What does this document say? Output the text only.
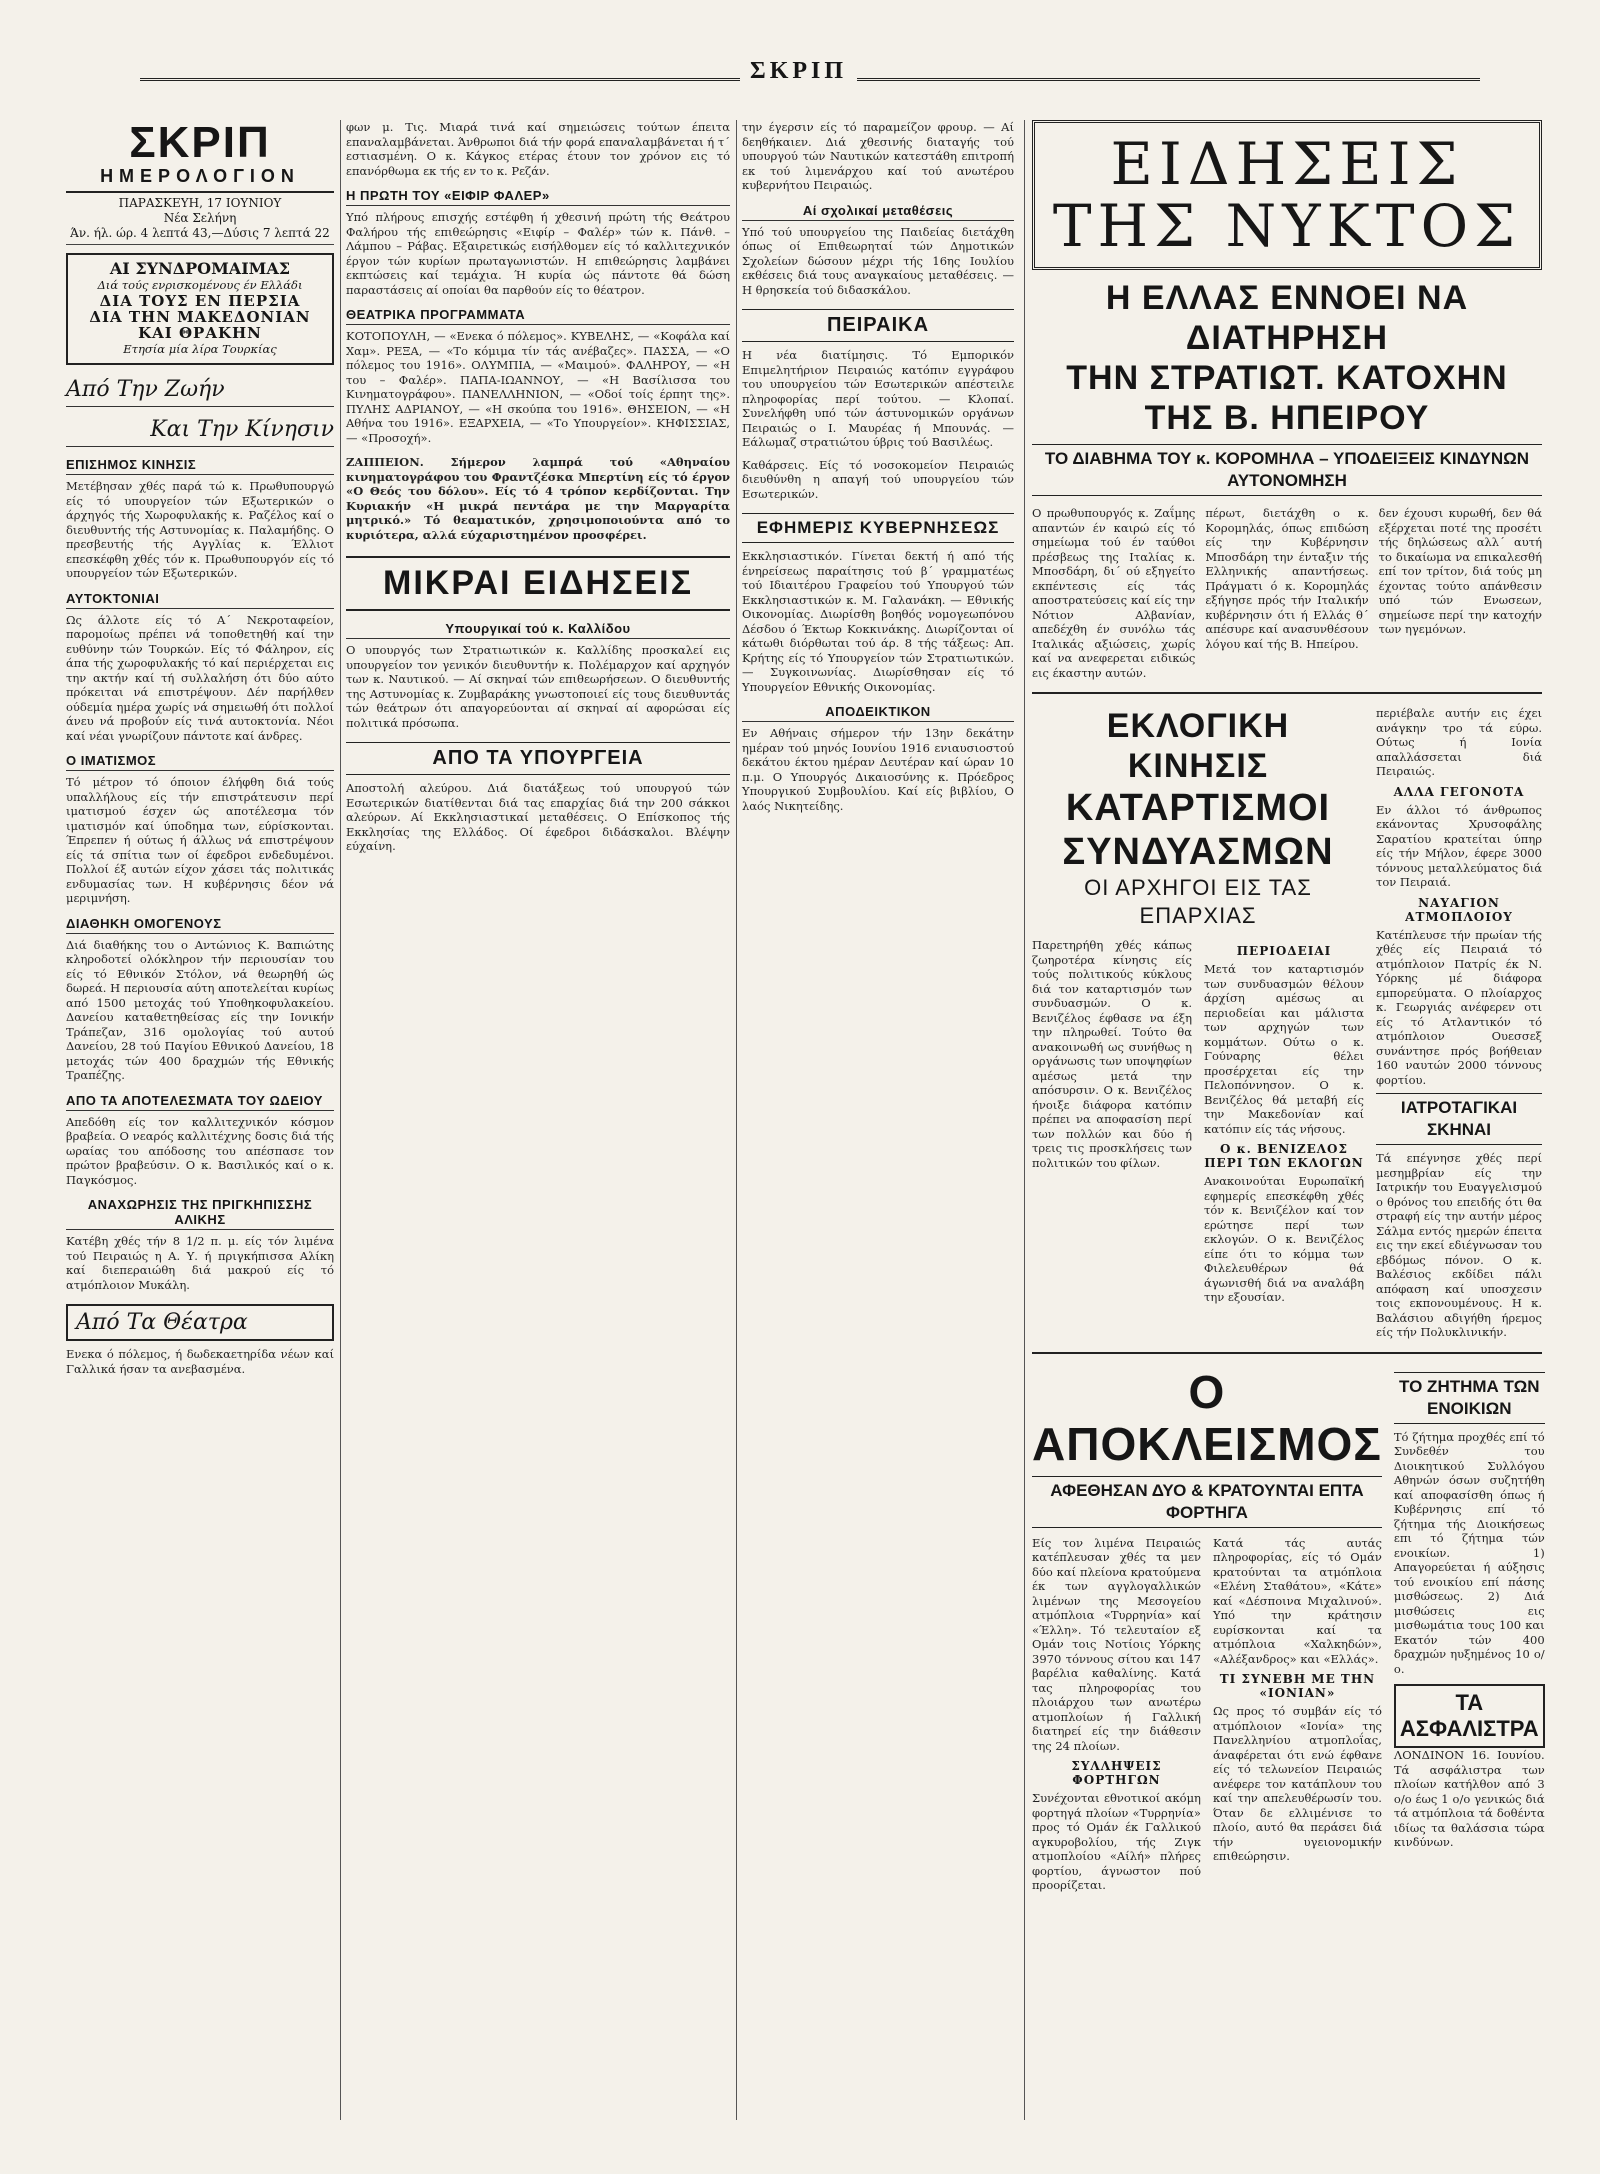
ΣΚΡΙΠ
ΣΚΡΙΠ
ΗΜΕΡΟΛΟΓΙΟΝ
ΠΑΡΑΣΚΕΥΗ, 17 ΙΟΥΝΙΟΥ
Νέα Σελήνη
Άν. ήλ. ώρ. 4 λεπτά 43,—Δύσις 7 λεπτά 22
ΑΙ ΣΥΝΔΡΟΜΑΙΜΑΣ
Διά τούς ενρισκομένους έν Ελλάδι
ΔΙΑ ΤΟΥΣ ΕΝ ΠΕΡΣΙΑ
ΔΙΑ ΤΗΝ ΜΑΚΕΔΟΝΙΑΝ ΚΑΙ ΘΡΑΚΗΝ
Ετησία μία λίρα Τουρκίας
Από Την Ζωήν
Και Την Κίνησιν
ΕΠΙΣΗΜΟΣ ΚΙΝΗΣΙΣ
Μετέβησαν χθές παρά τώ κ. Πρωθυπουργώ είς τό υπουργείον τών Εξωτερικών ο άρχηγός τής Χωροφυλακής κ. Ραζέλος καί ο διευθυντής τής Αστυνομίας κ. Παλαμήδης. Ο πρεσβευτής τής Αγγλίας κ. Έλλιοτ επεσκέφθη χθές τόν κ. Πρωθυπουργόν είς τό υπουργείον τών Εξωτερικών.
ΑΥΤΟΚΤΟΝΙΑΙ
Ως άλλοτε είς τό Α΄ Νεκροταφείον, παρομοίως πρέπει νά τοποθετηθή καί την ευθύνην τών Τουρκών. Είς τό Φάληρον, είς άπα τής χωροφυλακής τό καί περιέρχεται εις την ακτήν καί τή συλλαλήση ότι δύο αύτο πρόκειται νά επιστρέψουν. Δέν παρήλθεν ούδεμία ημέρα χωρίς νά σημειωθή ότι πολλοί άνευ νά προβούν είς τινά αυτοκτονία. Νέοι καί νέαι γνωρίζουν πάντοτε καί άνδρες.
Ο ΙΜΑΤΙΣΜΟΣ
Τό μέτρον τό όποιον έλήφθη διά τούς υπαλλήλους είς τήν επιστράτευσιν περί ιματισμού έσχεν ώς αποτέλεσμα τόν ιματισμόν καί ύποδημα των, εύρίσκονται. Έπρεπεν ή ούτως ή άλλως νά επιστρέψουν είς τά σπίτια των οί έφεδροι ενδεδυμένοι. Πολλοί έξ αυτών είχον χάσει τάς πολιτικάς ενδυμασίας των. Η κυβέρνησις δέον νά μεριμνήση.
ΔΙΑΘΗΚΗ ΟΜΟΓΕΝΟΥΣ
Διά διαθήκης του ο Αντώνιος Κ. Βαπιώτης κληροδοτεί ολόκληρον τήν περιουσίαν του είς τό Εθνικόν Στόλον, νά θεωρηθή ώς δωρεά. Η περιουσία αύτη αποτελείται κυρίως από 1500 μετοχάς τού Υποθηκοφυλακείου. Δανείου καταθετηθείσας είς την Ιονικήν Τράπεζαν, 316 ομολογίας τού αυτού Δανείου, 28 τού Παγίου Εθνικού Δανείου, 18 μετοχάς τών 400 δραχμών τής Εθνικής Τραπέζης.
ΑΠΟ ΤΑ ΑΠΟΤΕΛΕΣΜΑΤΑ ΤΟΥ ΩΔΕΙΟΥ
Απεδόθη είς τον καλλιτεχνικόν κόσμον βραβεία. Ο νεαρός καλλιτέχνης δοσις διά τής ωραίας του απόδοσης του απέσπασε τον πρώτον βραβεύσιν. Ο κ. Βασιλικός καί ο κ. Παγκόσμος.
ΑΝΑΧΩΡΗΣΙΣ ΤΗΣ ΠΡΙΓΚΗΠΙΣΣΗΣ ΑΛΙΚΗΣ
Κατέβη χθές τήν 8 1/2 π. μ. είς τόν λιμένα τού Πειραιώς η Α. Υ. ή πριγκήπισσα Αλίκη καί διεπεραιώθη διά μακρού είς τό ατμόπλοιον Μυκάλη.
Από Τα Θέατρα
Ενεκα ό πόλεμος, ή δωδεκαετηρίδα νέων καί Γαλλικά ήσαν τα ανεβασμένα.
φων μ. Τις. Μιαρά τινά καί σημειώσεις τούτων έπειτα επαναλαμβάνεται. Άνθρωποι διά τήν φορά επαναλαμβάνεται ή τ΄ εστιασμένη. Ο κ. Κάγκος ετέρας έτουν τον χρόνον εις τό επανόρθωμα εκ τής εν το κ. Ρεζάν.
Η ΠΡΩΤΗ ΤΟΥ «ΕΙΦΙΡ ΦΑΛΕΡ»
Υπό πλήρους επισχής εστέφθη ή χθεσινή πρώτη τής Θεάτρου Φαλήρου τής επιθεώρησις «Ειφίρ – Φαλέρ» τών κ. Πάνθ. – Λάμπου – Ράβας. Εξαιρετικώς εισήλθομεν είς τό καλλιτεχνικόν έργον τών κυρίων πρωταγωνιστών. Η επιθεώρησις λαμβάνει εκπτώσεις καί τεμάχια. Ή κυρία ώς πάντοτε θά δώση παραστάσεις αί οποίαι θα παρθούν είς το θέατρον.
ΘΕΑΤΡΙΚΑ ΠΡΟΓΡΑΜΜΑΤΑ
ΚΟΤΟΠΟΥΛΗ, — «Ενεκα ό πόλεμος». ΚΥΒΕΛΗΣ, — «Κοφάλα καί Χαμ». ΡΕΞΑ, — «Το κόμιμα τίν τάς ανέβαζες». ΠΑΣΣΑ, — «Ο πόλεμος του 1916». ΟΛΥΜΠΙΑ, — «Μαιμού». ΦΑΛΗΡΟΥ, — «Η του – Φαλέρ». ΠΑΠΑ-ΙΩΑΝΝΟΥ, — «Η Βασίλισσα του Κινηματογράφου». ΠΑΝΕΛΛΗΝΙΟΝ, — «Οδοί τοίς έρπητ της». ΠΥΛΗΣ ΑΔΡΙΑΝΟΥ, — «Η σκούπα του 1916». ΘΗΣΕΙΟΝ, — «Η Αθήνα του 1916». ΕΞΑΡΧΕΙΑ, — «Το Υπουργείον». ΚΗΦΙΣΣΙΑΣ, — «Προσοχή».
ΖΑΠΠΕΙΟΝ. Σήμερον λαμπρά τού «Αθηναίου κινηματογράφου του Φραντζέσκα Μπερτίνη είς τό έργον «Ο Θεός του δόλου». Είς τό 4 τρόπον κερδίζονται. Την Κυριακήν «Η μικρά πεντάρα με την Μαργαρίτα μητρικό.» Τό θεαματικόν, χρησιμοποιούντα από το κυριότερα, αλλά εύχαριστημένον προσφέρει.
ΜΙΚΡΑΙ ΕΙΔΗΣΕΙΣ
Υπουργικαί τού κ. Καλλίδου
Ο υπουργός των Στρατιωτικών κ. Καλλίδης προσκαλεί εις υπουργείον τον γενικόν διευθυντήν κ. Πολέμαρχον καί αρχηγόν των κ. Ναυτικού. — Αί σκηναί τών επιθεωρήσεων. Ο διευθυντής της Αστυνομίας κ. Ζυμβαράκης γνωστοποιεί είς τους διευθυντάς τών θεάτρων ότι απαγορεύονται αί σκηναί αί αφορώσαι είς πολιτικά πρόσωπα.
ΑΠΟ ΤΑ ΥΠΟΥΡΓΕΙΑ
Αποστολή αλεύρου. Διά διατάξεως τού υπουργού τών Εσωτερικών διατίθενται διά τας επαρχίας διά την 200 σάκκοι αλεύρων. Αί Εκκλησιαστικαί μεταθέσεις. Ο Επίσκοπος τής Εκκλησίας της Ελλάδος. Οί έφεδροι διδάσκαλοι. Βλέψην εύχαίνη.
την έγερσιν είς τό παραμείζον φρουρ. — Αί δεηθήκαιεν. Διά χθεσινής διαταγής τού υπουργού τών Ναυτικών κατεστάθη επιτροπή εκ τού λιμενάρχου καί τού ανωτέρου κυβερνήτου Πειραιώς.
Αί σχολικαί μεταθέσεις
Υπό τού υπουργείου της Παιδείας διετάχθη όπως οί Επιθεωρηταί τών Δημοτικών Σχολείων δώσουν μέχρι τής 16ης Ιουλίου εκθέσεις διά τους αναγκαίους μεταθέσεις. — Η θρησκεία τού διδασκάλου.
ΠΕΙΡΑΙΚΑ
Η νέα διατίμησις. Τό Εμπορικόν Επιμελητήριον Πειραιώς κατόπιν εγγράφου του υπουργείου τών Εσωτερικών απέστειλε πληροφορίας περί τούτου. — Κλοπαί. Συνελήφθη υπό τών άστυνομικών οργάνων Πειραιώς ο Ι. Μαυρέας ή Μπουνάς. — Εάλωμαζ στρατιώτου ύβρις τού Βασιλέως.
Καθάρσεις. Είς τό νοσοκομείον Πειραιώς διευθύνθη η απαγή τού υπουργείου τών Εσωτερικών.
ΕΦΗΜΕΡΙΣ ΚΥΒΕΡΝΗΣΕΩΣ
Εκκλησιαστικόν. Γίνεται δεκτή ή από τής ένηρείσεως παραίτησις τού β΄ γραμματέως τού Ιδιαιτέρου Γραφείου τού Υπουργού τών Εκκλησιαστικών κ. Μ. Γαλανάκη. — Εθνικής Οικονομίας. Διωρίσθη βοηθός νομογεωπόνου Δέσδου ό Έκτωρ Κοκκινάκης. Διωρίζονται οί κάτωθι διόρθωται τού άρ. 8 τής τάξεως: Απ. Κρήτης είς τό Υπουργείον τών Στρατιωτικών. — Συγκοινωνίας. Διωρίσθησαν είς τό Υπουργείον Εθνικής Οικονομίας.
ΑΠΟΔΕΙΚΤΙΚΟΝ
Εν Αθήναις σήμερον τήν 13ην δεκάτην ημέραν τού μηνός Ιουνίου 1916 ενιαυσιοστού δεκάτου έκτου ημέραν Δευτέραν καί ώραν 10 π.μ. Ο Υπουργός Δικαιοσύνης κ. Πρόεδρος Υπουργικού Συμβουλίου. Καί είς βιβλίου, Ο λαός Νικητείδης.
ΕΙΔΗΣΕΙΣ ΤΗΣ ΝΥΚΤΟΣ
Η ΕΛΛΑΣ ΕΝΝΟΕΙ ΝΑ ΔΙΑΤΗΡΗΣΗ
ΤΗΝ ΣΤΡΑΤΙΩΤ. ΚΑΤΟΧΗΝ ΤΗΣ Β. ΗΠΕΙΡΟΥ
ΤΟ ΔΙΑΒΗΜΑ ΤΟΥ κ. ΚΟΡΟΜΗΛΑ – ΥΠΟΔΕΙΞΕΙΣ ΚΙΝΔΥΝΩΝ ΑΥΤΟΝΟΜΗΣΗ
Ο πρωθυπουργός κ. Ζαΐμης απαντών έν καιρώ είς τό σημείωμα τού έν ταύθοι πρέσβεως της Ιταλίας κ. Μποσδάρη, δι΄ ού εξηγείτο εκπέντεσις είς τάς αποστρατεύσεις καί είς την Νότιον Αλβανίαν, απεδέχθη έν συνόλω τάς Ιταλικάς αξιώσεις, χωρίς καί να ανεφερεται ειδικώς εις έκαστην αυτών.
πέρωτ, διετάχθη ο κ. Κορομηλάς, όπως επιδώση είς την Κυβέρνησιν Μποσδάρη την ένταξιν τής Ελληνικής απαντήσεως. Πράγματι ό κ. Κορομηλάς εξήγησε πρός τήν Ιταλικήν κυβέρνησιν ότι ή Ελλάς θ΄ απέσυρε καί ανασυνθέσουν λόγου καί τής Β. Ηπείρου.
δεν έχουσι κυρωθή, δεν θά εξέρχεται ποτέ της προσέτι τής δηλώσεως αλλ΄ αυτή το δικαίωμα να επικαλεσθή επί τον τρίτον, διά τούς μη έχοντας τούτο απάνθεσιν υπό τών Ενωσεων, σημείωσε περί την κατοχήν των ηγεμόνων.
ΕΚΛΟΓΙΚΗ ΚΙΝΗΣΙΣ
ΚΑΤΑΡΤΙΣΜΟΙ ΣΥΝΔΥΑΣΜΩΝ
ΟΙ ΑΡΧΗΓΟΙ ΕΙΣ ΤΑΣ ΕΠΑΡΧΙΑΣ
Παρετηρήθη χθές κάπως ζωηροτέρα κίνησις είς τούς πολιτικούς κύκλους διά τον καταρτισμόν των συνδυασμών. Ο κ. Βενιζέλος έφθασε να έξη την πληρωθεί. Τούτο θα ανακοινωθή ως συνήθως η οργάνωσις των υποψηφίων αμέσως μετά την απόσυρσιν. Ο κ. Βενιζέλος ήνοιξε διάφορα κατόπιν πρέπει να αποφασίση περί των πολλών και δύο ή τρεις τις προσκλήσεις των πολιτικών του φίλων.
ΠΕΡΙΟΔΕΙΑΙ
Μετά τον καταρτισμόν των συνδυασμών θέλουν άρχίση αμέσως αι περιοδείαι και μάλιστα των αρχηγών των κομμάτων. Ούτω ο κ. Γούναρης θέλει προσέρχεται είς την Πελοπόννησον. Ο κ. Βενιζέλος θά μεταβή είς την Μακεδονίαν καί κατόπιν είς τάς νήσους.
Ο κ. ΒΕΝΙΖΕΛΟΣ ΠΕΡΙ ΤΩΝ ΕΚΛΟΓΩΝ
Ανακοινούται Ευρωπαϊκή εφημερίς επεσκέφθη χθές τόν κ. Βενιζέλον καί τον ερώτησε περί των εκλογών. Ο κ. Βενιζέλος είπε ότι το κόμμα των Φιλελευθέρων θά άγωνισθή διά να αναλάβη την εξουσίαν.
περιέβαλε αυτήν εις έχει ανάγκην τρο τά εύρω. Ούτως ή Ιονία απαλλάσσεται διά Πειραιώς.
ΑΛΛΑ ΓΕΓΟΝΟΤΑ
Εν άλλοι τό άνθρωπος εκάνοντας Χρυσοφάλης Σαρατίου κρατείται ύπηρ είς τήν Μήλον, έφερε 3000 τόννους μεταλλεύματος διά τον Πειραιά.
ΝΑΥΑΓΙΟΝ ΑΤΜΟΠΛΟΙΟΥ
Κατέπλευσε τήν πρωίαν τής χθές είς Πειραιά τό ατμόπλοιον Πατρίς έκ Ν. Υόρκης μέ διάφορα εμπορεύματα. Ο πλοίαρχος κ. Γεωργιάς ανέφερεν οτι είς τό Ατλαντικόν τό ατμόπλοιον Ουεσσεξ συνάντησε πρός βοήθειαν 160 ναυτών 2000 τόννους φορτίου.
ΙΑΤΡΟΤΑΓΙΚΑΙ ΣΚΗΝΑΙ
Τά επέγνησε χθές περί μεσημβρίαν είς την Ιατρικήν του Ευαγγελισμού ο θρόνος του επειδής ότι θα στραφή είς την αυτήν μέρος Σάλμα εντός ημερών έπειτα εις την εκεί εδιέγνωσαν του εβδόμως πόνον. Ο κ. Βαλέσιος εκδίδει πάλι απόφαση καί υποσχεσιν τοις εκπονουμένους. Η κ. Βαλάσιου αδιγήθη ήρεμος είς τήν Πολυκλινικήν.
Ο ΑΠΟΚΛΕΙΣΜΟΣ
ΑΦΕΘΗΣΑΝ ΔΥΟ & ΚΡΑΤΟΥΝΤΑΙ ΕΠΤΑ ΦΟΡΤΗΓΑ
Είς τον λιμένα Πειραιώς κατέπλευσαν χθές τα μεν δύο καί πλείονα κρατούμενα έκ των αγγλογαλλικών λιμένων της Μεσογείου ατμόπλοια «Τυρρηνία» καί «Έλλη». Τό τελευταίον εξ Ομάν τοις Νοτίοις Υόρκης 3970 τόννους σίτου και 147 βαρέλια καθαλίνης. Κατά τας πληροφορίας του πλοιάρχου των ανωτέρω ατμοπλοίων ή Γαλλική διατηρεί είς την διάθεσιν της 24 πλοίων.
ΣΥΛΛΗΨΕΙΣ ΦΟΡΤΗΓΩΝ
Συνέχονται εθνοτικοί ακόμη φορτηγά πλοίων «Τυρρηνία» προς τό Ομάν έκ Γαλλικού αγκυροβολίου, τής Ζιγκ ατμοπλοίου «Αίλή» πλήρες φορτίου, άγνωστον πού προορίζεται.
Κατά τάς αυτάς πληροφορίας, είς τό Ομάν κρατούνται τα ατμόπλοια «Ελένη Σταθάτου», «Κάτε» καί «Δέσποινα Μιχαλινού». Υπό την κράτησιν ευρίσκονται καί τα ατμόπλοια «Χαλκηδών», «Αλέξανδρος» και «Ελλάς».
ΤΙ ΣΥΝΕΒΗ ΜΕ ΤΗΝ «ΙΟΝΙΑΝ»
Ως προς τό συμβάν είς τό ατμόπλοιον «Ιονία» της Πανελληνίου ατμοπλοΐας, άναφέρεται ότι ενώ έφθανε είς τό τελωνείον Πειραιώς ανέφερε τον κατάπλουν του καί την απελευθέρωσίν του. Όταν δε ελλιμένισε το πλοίο, αυτό θα περάσει διά τήν υγειονομικήν επιθεώρησιν.
ΤΟ ΖΗΤΗΜΑ ΤΩΝ ΕΝΟΙΚΙΩΝ
Τό ζήτημα προχθές επί τό Συνδεθέν του Διοικητικού Συλλόγου Αθηνών όσων συζητήθη καί αποφασίσθη όπως ή Κυβέρνησις επί τό ζήτημα τής Διοικήσεως επι τό ζήτημα τών ενοικίων. 1) Απαγορεύεται ή αύξησις τού ενοικίου επί πάσης μισθώσεως. 2) Διά μισθώσεις εις μισθωμάτια τους 100 και Εκατόν τών 400 δραχμών ηυξημένος 10 ο/ο.
ΤΑ ΑΣΦΑΛΙΣΤΡΑ
ΛΟΝΔΙΝΟΝ 16. Ιουνίου. Τά ασφάλιστρα των πλοίων κατήλθον από 3 ο/ο έως 1 ο/ο γενικώς διά τά ατμόπλοια τά δοθέντα ιδίως τα θαλάσσια τώρα κινδύνων.
